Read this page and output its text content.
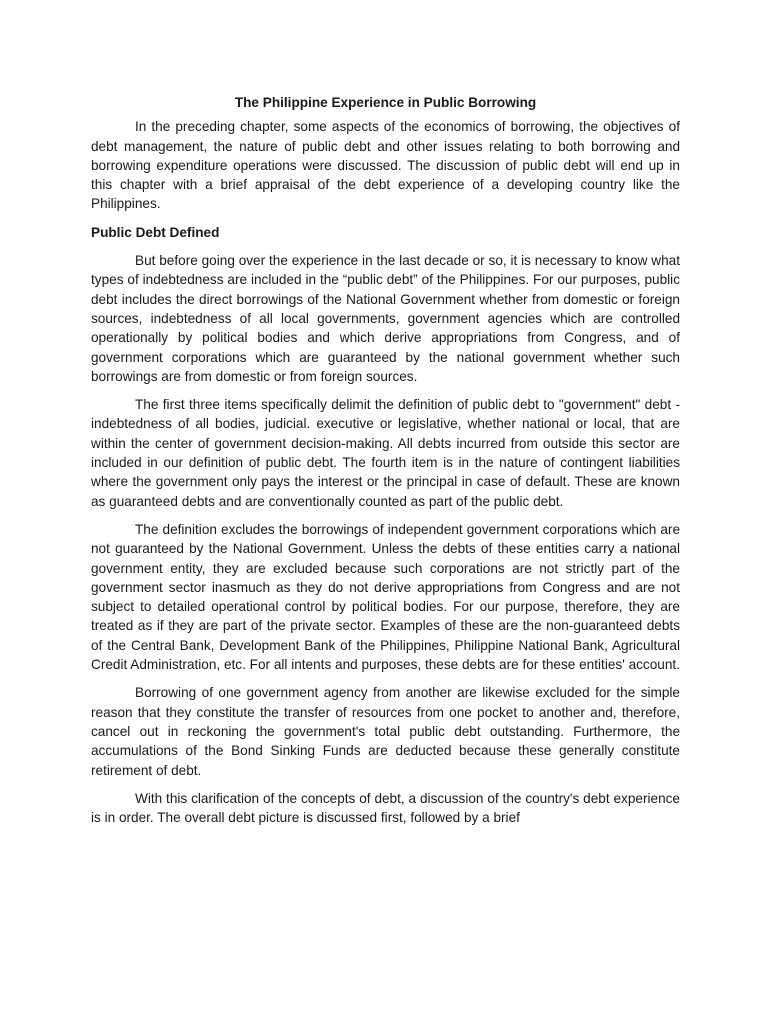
The Philippine Experience in Public Borrowing

In the preceding chapter, some aspects of the economics of borrowing, the objectives of debt management, the nature of public debt and other issues relating to both borrowing and borrowing expenditure operations were discussed. The discussion of public debt will end up in this chapter with a brief appraisal of the debt experience of a developing country like the Philippines.

Public Debt Defined

But before going over the experience in the last decade or so, it is necessary to know what types of indebtedness are included in the “public debt” of the Philippines. For our purposes, public debt includes the direct borrowings of the National Government whether from domestic or foreign sources, indebtedness of all local governments, government agencies which are controlled operationally by political bodies and which derive appropriations from Congress, and of government corporations which are guaranteed by the national government whether such borrowings are from domestic or from foreign sources.

The first three items specifically delimit the definition of public debt to "government" debt - indebtedness of all bodies, judicial. executive or legislative, whether national or local, that are within the center of government decision-making. All debts incurred from outside this sector are included in our definition of public debt. The fourth item is in the nature of contingent liabilities where the government only pays the interest or the principal in case of default. These are known as guaranteed debts and are conventionally counted as part of the public debt.

The definition excludes the borrowings of independent government corporations which are not guaranteed by the National Government. Unless the debts of these entities carry a national government entity, they are excluded because such corporations are not strictly part of the government sector inasmuch as they do not derive appropriations from Congress and are not subject to detailed operational control by political bodies. For our purpose, therefore, they are treated as if they are part of the private sector. Examples of these are the non-guaranteed debts of the Central Bank, Development Bank of the Philippines, Philippine National Bank, Agricultural Credit Administration, etc. For all intents and purposes, these debts are for these entities' account.

Borrowing of one government agency from another are likewise excluded for the simple reason that they constitute the transfer of resources from one pocket to another and, therefore, cancel out in reckoning the government's total public debt outstanding. Furthermore, the accumulations of the Bond Sinking Funds are deducted because these generally constitute retirement of debt.

With this clarification of the concepts of debt, a discussion of the country's debt experience is in order. The overall debt picture is discussed first, followed by a brief
